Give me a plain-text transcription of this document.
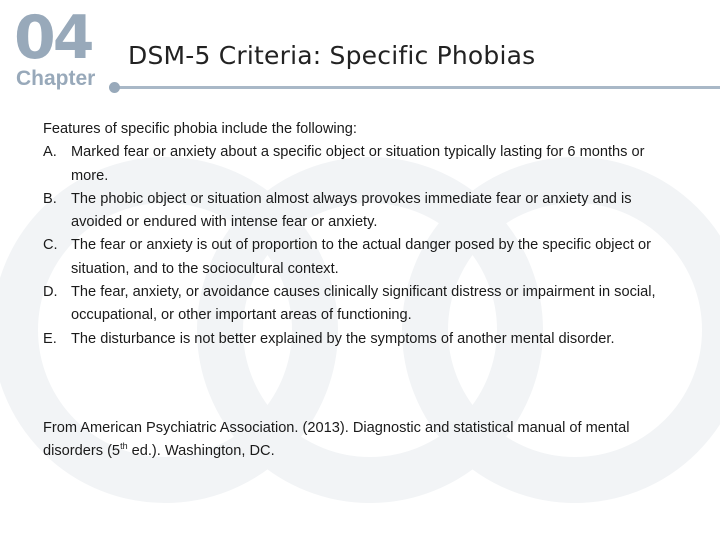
04
Chapter
DSM-5 Criteria: Specific Phobias

Features of specific phobia include the following:

A. Marked fear or anxiety about a specific object or situation typically lasting for 6 months or more.
B. The phobic object or situation almost always provokes immediate fear or anxiety and is avoided or endured with intense fear or anxiety.
C. The fear or anxiety is out of proportion to the actual danger posed by the specific object or situation, and to the sociocultural context.
D. The fear, anxiety, or avoidance causes clinically significant distress or impairment in social, occupational, or other important areas of functioning.
E. The disturbance is not better explained by the symptoms of another mental disorder.
From American Psychiatric Association. (2013). Diagnostic and statistical manual of mental disorders (5th ed.). Washington, DC.
